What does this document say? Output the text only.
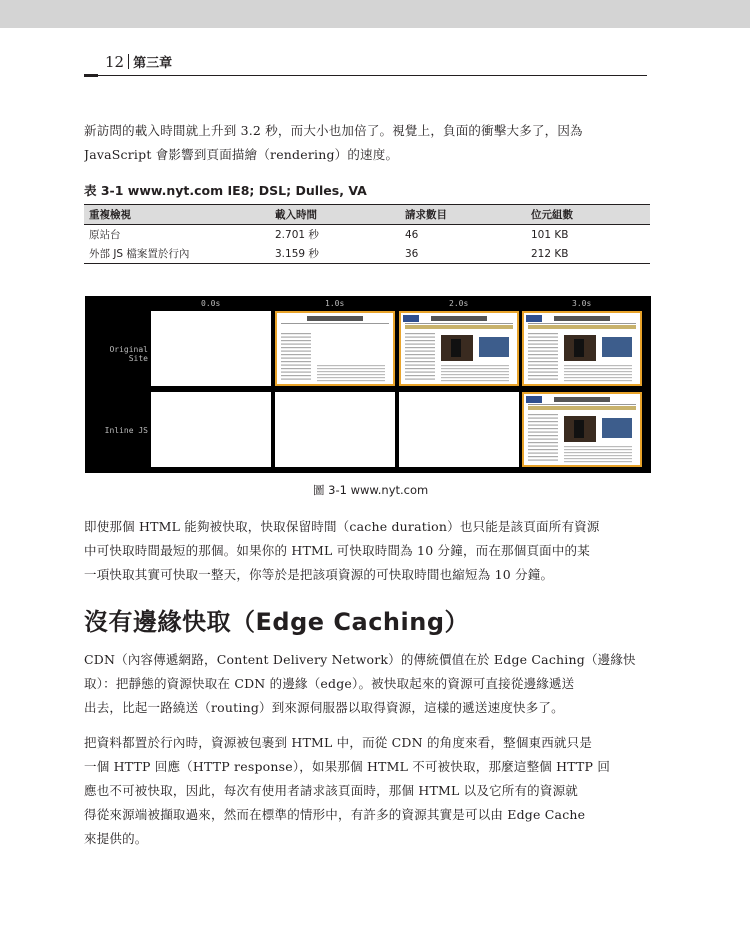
12 第三章
新訪問的載入時間就上升到 3.2 秒，而大小也加倍了。視覺上，負面的衝擊大多了，因為
JavaScript 會影響到頁面描繪（rendering）的速度。
表 3-1 www.nyt.com IE8; DSL; Dulles, VA
重複檢視	載入時間	請求數目	位元組數
原站台	2.701 秒	46	101 KB
外部 JS 檔案置於行內	3.159 秒	36	212 KB
0.0s	1.0s	2.0s	3.0s
Original Site
Inline JS
圖 3-1 www.nyt.com
即使那個 HTML 能夠被快取，快取保留時間（cache duration）也只能是該頁面所有資源
中可快取時間最短的那個。如果你的 HTML 可快取時間為 10 分鐘，而在那個頁面中的某
一項快取其實可快取一整天，你等於是把該項資源的可快取時間也縮短為 10 分鐘。
沒有邊緣快取（Edge Caching）
CDN（內容傳遞網路，Content Delivery Network）的傳統價值在於 Edge Caching（邊緣快
取）：把靜態的資源快取在 CDN 的邊緣（edge）。被快取起來的資源可直接從邊緣遞送
出去，比起一路繞送（routing）到來源伺服器以取得資源，這樣的遞送速度快多了。
把資料都置於行內時，資源被包裹到 HTML 中，而從 CDN 的角度來看，整個東西就只是
一個 HTTP 回應（HTTP response），如果那個 HTML 不可被快取，那麼這整個 HTTP 回
應也不可被快取，因此，每次有使用者請求該頁面時，那個 HTML 以及它所有的資源就
得從來源端被擷取過來，然而在標準的情形中，有許多的資源其實是可以由 Edge Cache
來提供的。
